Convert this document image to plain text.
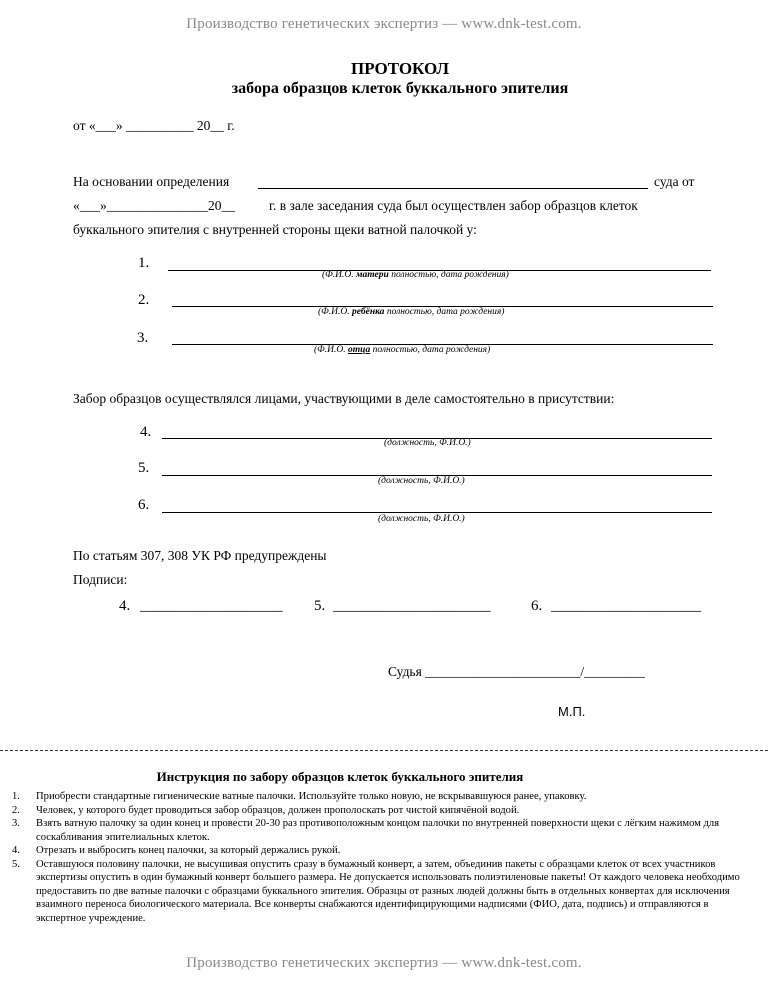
Производство генетических экспертиз — www.dnk-test.com.
ПРОТОКОЛ
забора образцов клеток буккального эпителия
от «___» __________ 20__ г.
На основании определения	суда от
«___»_______________20__	г. в зале заседания суда был осуществлен забор образцов клеток
буккального эпителия с внутренней стороны щеки ватной палочкой у:
1.
(Ф.И.О. матери полностью, дата рождения)
2.
(Ф.И.О. ребёнка полностью, дата рождения)
3.
(Ф.И.О. отца полностью, дата рождения)
Забор образцов осуществлялся лицами, участвующими в деле самостоятельно в присутствии:
4.
(должность, Ф.И.О.)
5.
(должность, Ф.И.О.)
6.
(должность, Ф.И.О.)
По статьям 307, 308 УК РФ предупреждены
Подписи:
4. ___________________ 5. _____________________	6. ____________________
Судья _______________________/_________
М.П.
Инструкция по забору образцов клеток буккального эпителия
1. Приобрести стандартные гигиенические ватные палочки. Используйте только новую, не вскрывавшуюся ранее, упаковку.
2. Человек, у которого будет проводиться забор образцов, должен прополоскать рот чистой кипячёной водой.
3. Взять ватную палочку за один конец и провести 20-30 раз противоположным концом палочки по внутренней поверхности щеки с лёгким нажимом для соскабливания эпителиальных клеток.
4. Отрезать и выбросить конец палочки, за который держались рукой.
5. Оставшуюся половину палочки, не высушивая опустить сразу в бумажный конверт, а затем, объединив пакеты с образцами клеток от всех участников экспертизы опустить в один бумажный конверт большего размера. Не допускается использовать полиэтиленовые пакеты! От каждого человека необходимо предоставить по две ватные палочки с образцами буккального эпителия. Образцы от разных людей должны быть в отдельных конвертах для исключения взаимного переноса биологического материала. Все конверты снабжаются идентифицирующими надписями (ФИО, дата, подпись) и отправляются в экспертное учреждение.
Производство генетических экспертиз — www.dnk-test.com.
